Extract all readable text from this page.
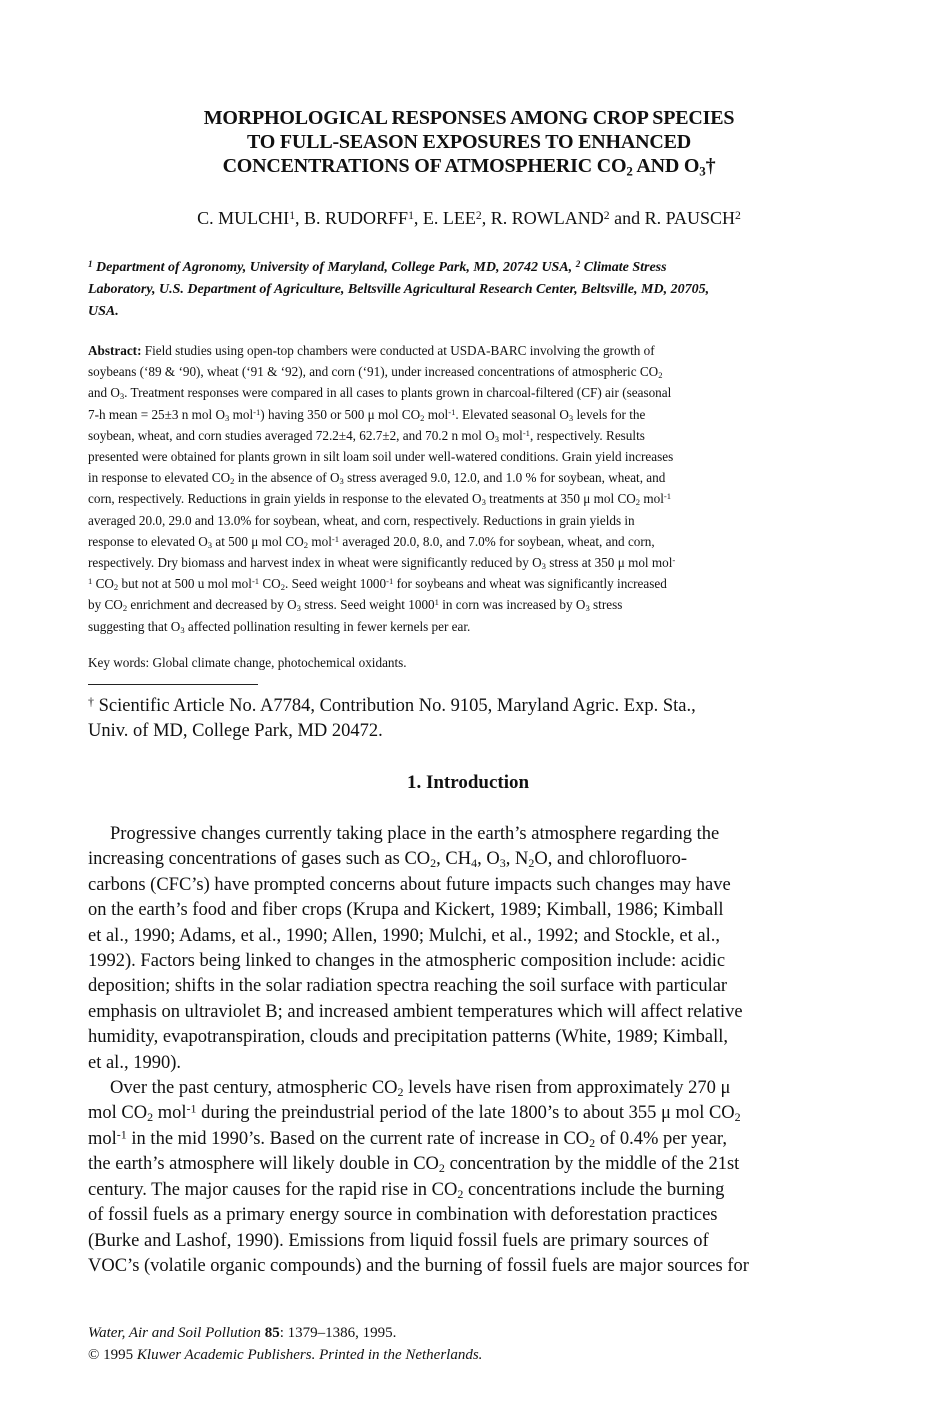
MORPHOLOGICAL RESPONSES AMONG CROP SPECIES
TO FULL-SEASON EXPOSURES TO ENHANCED
CONCENTRATIONS OF ATMOSPHERIC $CO_2$ AND $O_3\dagger$
C. MULCHI$^1$, B. RUDORFF$^1$, E. LEE$^2$, R. ROWLAND$^2$ and R. PAUSCH$^2$
$^1$ Department of Agronomy, University of Maryland, College Park, MD, 20742 USA, $^2$ Climate Stress
Laboratory, U.S. Department of Agriculture, Beltsville Agricultural Research Center, Beltsville, MD, 20705,
USA.
Abstract: Field studies using open-top chambers were conducted at USDA-BARC involving the growth of
soybeans (‘89 & ‘90), wheat (‘91 & ‘92), and corn (‘91), under increased concentrations of atmospheric $CO_2$
and $O_3$. Treatment responses were compared in all cases to plants grown in charcoal-filtered (CF) air (seasonal
7-h mean = 25±3 n mol $O_3$ mol$^{-1}$) having 350 or 500 μ mol $CO_2$ mol$^{-1}$. Elevated seasonal $O_3$ levels for the
soybean, wheat, and corn studies averaged 72.2±4, 62.7±2, and 70.2 n mol $O_3$ mol$^{-1}$, respectively. Results
presented were obtained for plants grown in silt loam soil under well-watered conditions. Grain yield increases
in response to elevated $CO_2$ in the absence of $O_3$ stress averaged 9.0, 12.0, and 1.0 % for soybean, wheat, and
corn, respectively. Reductions in grain yields in response to the elevated $O_3$ treatments at 350 μ mol $CO_2$ mol$^{-1}$
averaged 20.0, 29.0 and 13.0% for soybean, wheat, and corn, respectively. Reductions in grain yields in
response to elevated $O_3$ at 500 μ mol $CO_2$ mol$^{-1}$ averaged 20.0, 8.0, and 7.0% for soybean, wheat, and corn,
respectively. Dry biomass and harvest index in wheat were significantly reduced by $O_3$ stress at 350 μ mol mol-
$^1$ $CO_2$ but not at 500 u mol mol$^{-1}$ $CO_2$. Seed weight $1000^{-1}$ for soybeans and wheat was significantly increased
by $CO_2$ enrichment and decreased by $O_3$ stress. Seed weight 1000$^1$ in corn was increased by $O_3$ stress
suggesting that $O_3$ affected pollination resulting in fewer kernels per ear.
Key words: Global climate change, photochemical oxidants.
† Scientific Article No. A7784, Contribution No. 9105, Maryland Agric. Exp. Sta.,
Univ. of MD, College Park, MD 20472.
1. Introduction
Progressive changes currently taking place in the earth’s atmosphere regarding the
increasing concentrations of gases such as $CO_2$, $CH_4$, $O_3$, $N_2O$, and chlorofluoro-
carbons (CFC’s) have prompted concerns about future impacts such changes may have
on the earth’s food and fiber crops (Krupa and Kickert, 1989; Kimball, 1986; Kimball
et al., 1990; Adams, et al., 1990; Allen, 1990; Mulchi, et al., 1992; and Stockle, et al.,
1992). Factors being linked to changes in the atmospheric composition include: acidic
deposition; shifts in the solar radiation spectra reaching the soil surface with particular
emphasis on ultraviolet B; and increased ambient temperatures which will affect relative
humidity, evapotranspiration, clouds and precipitation patterns (White, 1989; Kimball,
et al., 1990).
Over the past century, atmospheric $CO_2$ levels have risen from approximately 270 μ
mol $CO_2$ mol$^{-1}$ during the preindustrial period of the late 1800’s to about 355 μ mol $CO_2$
mol$^{-1}$ in the mid 1990’s. Based on the current rate of increase in $CO_2$ of 0.4% per year,
the earth’s atmosphere will likely double in $CO_2$ concentration by the middle of the 21st
century. The major causes for the rapid rise in $CO_2$ concentrations include the burning
of fossil fuels as a primary energy source in combination with deforestation practices
(Burke and Lashof, 1990). Emissions from liquid fossil fuels are primary sources of
VOC’s (volatile organic compounds) and the burning of fossil fuels are major sources for
Water, Air and Soil Pollution 85: 1379–1386, 1995.
© 1995 Kluwer Academic Publishers. Printed in the Netherlands.
